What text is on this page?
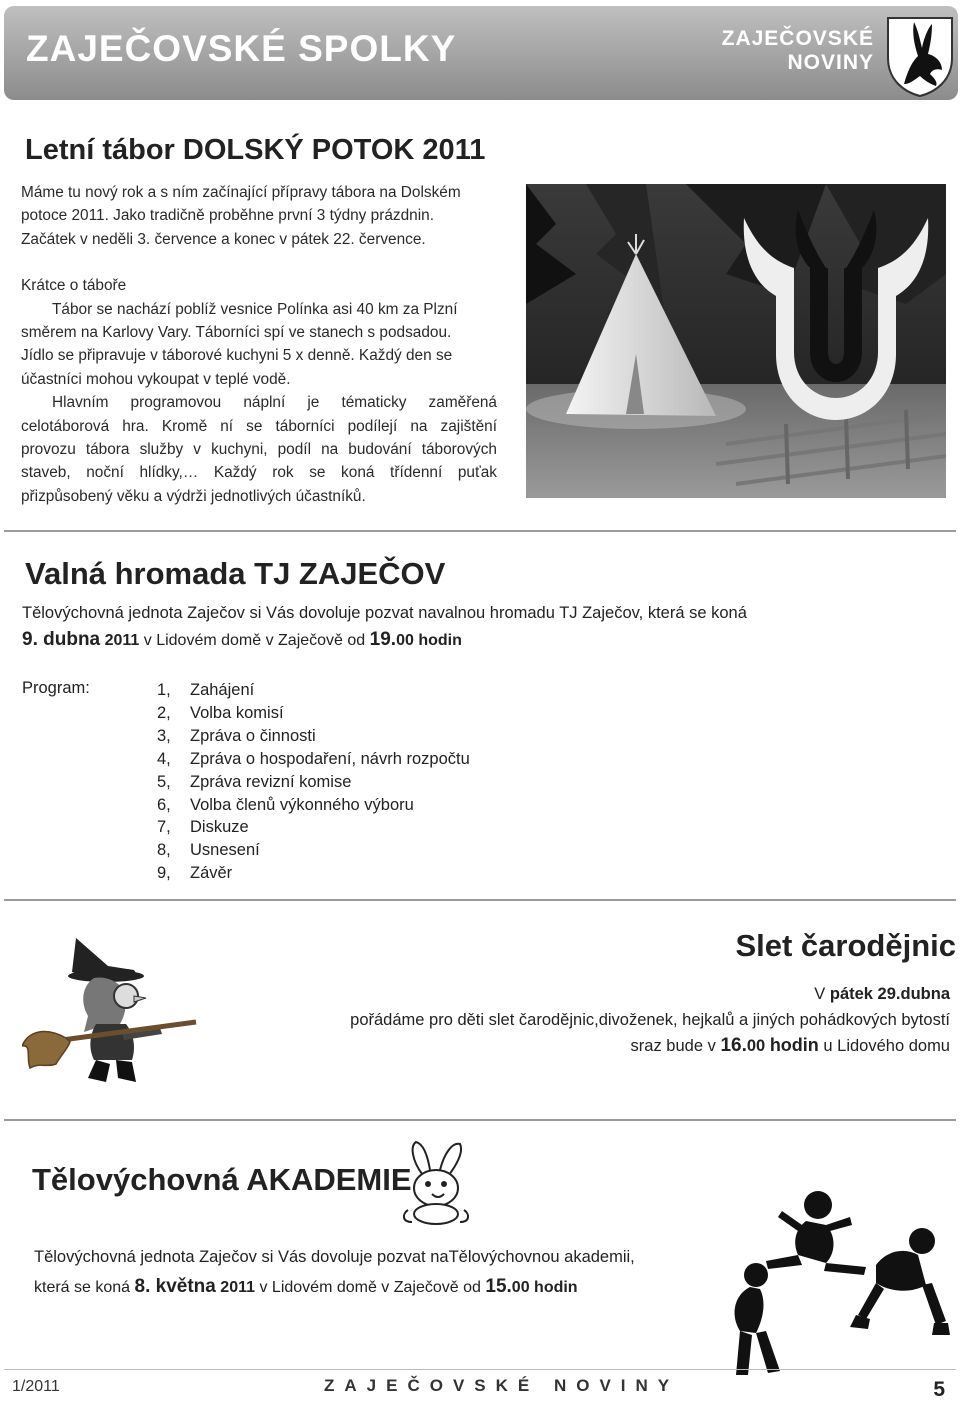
ZAJEČOVSKÉ SPOLKY	ZAJEČOVSKÉ
NOVINY
Letní tábor DOLSKÝ POTOK 2011

Máme tu nový rok a s ním začínající přípravy tábora na Dolském

potoce 2011. Jako tradičně proběhne první 3 týdny prázdnin.

Začátek v neděli 3. července a konec v pátek 22. července.

Krátce o táboře

Tábor se nachází poblíž vesnice Polínka asi 40 km za Plzní

směrem na Karlovy Vary. Táborníci spí ve stanech s podsadou.

Jídlo se připravuje v táborové kuchyni 5 x denně. Každý den se

účastníci mohou vykoupat v teplé vodě.

Hlavním programovou náplní je tématicky zaměřená

celotáborová hra. Kromě ní se táborníci podílejí na zajištění

provozu tábora služby v kuchyni, podíl na budování táborových

staveb, noční hlídky,… Každý rok se koná třídenní puťak

přizpůsobený věku a výdrži jednotlivých účastníků.

Valná hromada TJ ZAJEČOV
Tělovýchovná jednota Zaječov si Vás dovoluje pozvat navalnou hromadu TJ Zaječov, která se koná
9. dubna 2011 v Lidovém domě v Zaječově od 19.00 hodin
Program:	1,	Zahájení
2,	Volba komisí
3,	Zpráva o činnosti
4,	Zpráva o hospodaření, návrh rozpočtu
5,	Zpráva revizní komise
6,	Volba členů výkonného výboru
7,	Diskuze
8,	Usnesení
9,	Závěr
Slet čarodějnic
V pátek 29.dubna
pořádáme pro děti slet čarodějnic,divoženek, hejkalů a jiných pohádkových bytostí
sraz bude v 16.00 hodin u Lidového domu
Tělovýchovná AKADEMIE
Tělovýchovná jednota Zaječov si Vás dovoluje pozvat naTělovýchovnou akademii,
která se koná 8. května 2011 v Lidovém domě v Zaječově od 15.00 hodin
1/2011	ZAJEČOVSKÉ NOVINY	5
